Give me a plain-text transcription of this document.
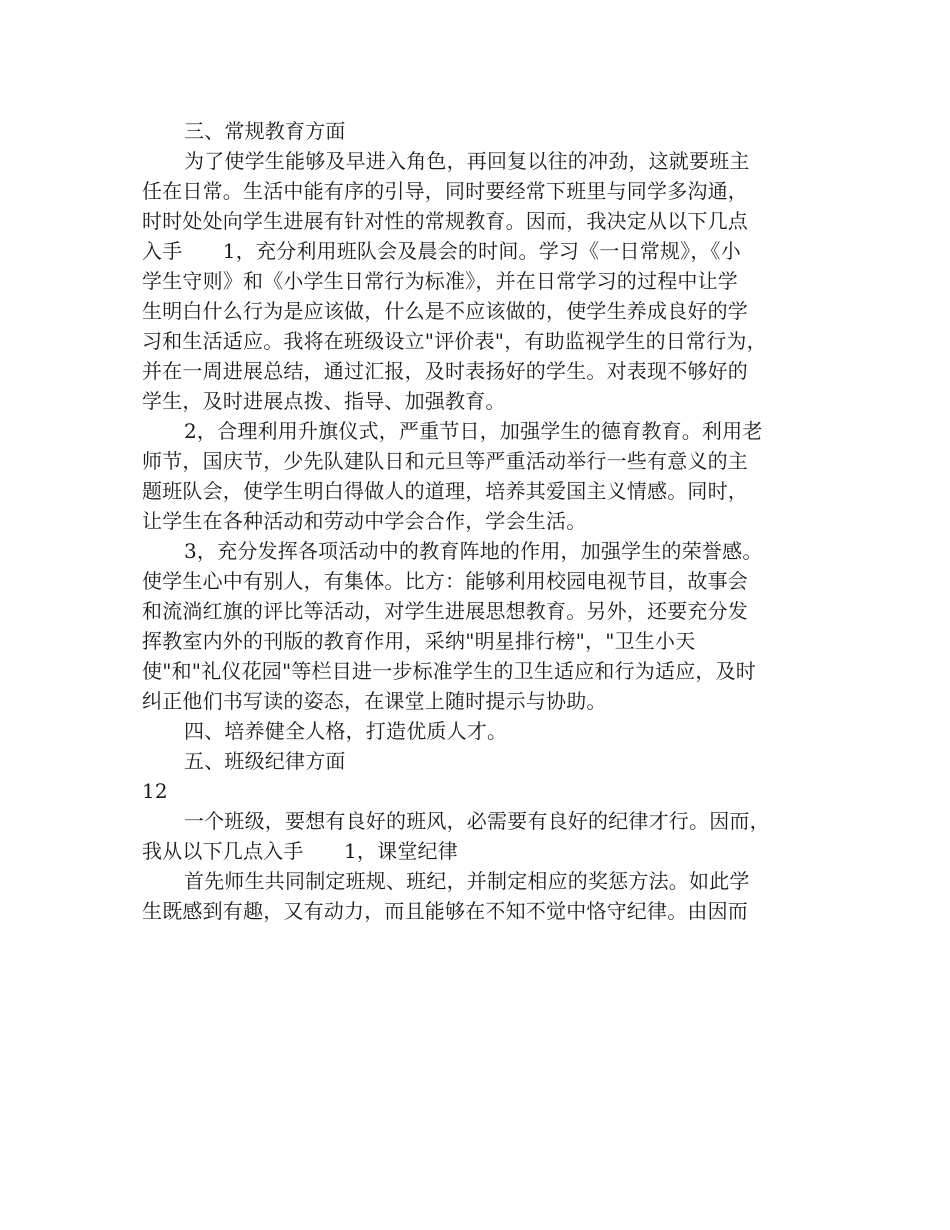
三、常规教育方面
为了使学生能够及早进入角色，再回复以往的冲劲，这就要班主
任在日常。生活中能有序的引导，同时要经常下班里与同学多沟通，
时时处处向学生进展有针对性的常规教育。因而，我决定从以下几点
入手　　1，充分利用班队会及晨会的时间。学习《一日常规》，《小
学生守则》和《小学生日常行为标准》，并在日常学习的过程中让学
生明白什么行为是应该做，什么是不应该做的，使学生养成良好的学
习和生活适应。我将在班级设立"评价表"，有助监视学生的日常行为，
并在一周进展总结，通过汇报，及时表扬好的学生。对表现不够好的
学生，及时进展点拨、指导、加强教育。
2，合理利用升旗仪式，严重节日，加强学生的德育教育。利用老
师节，国庆节，少先队建队日和元旦等严重活动举行一些有意义的主
题班队会，使学生明白得做人的道理，培养其爱国主义情感。同时，
让学生在各种活动和劳动中学会合作，学会生活。
3，充分发挥各项活动中的教育阵地的作用，加强学生的荣誉感。
使学生心中有别人，有集体。比方：能够利用校园电视节目，故事会
和流淌红旗的评比等活动，对学生进展思想教育。另外，还要充分发
挥教室内外的刊版的教育作用，采纳"明星排行榜"，"卫生小天
使"和"礼仪花园"等栏目进一步标准学生的卫生适应和行为适应，及时
纠正他们书写读的姿态，在课堂上随时提示与协助。
四、培养健全人格，打造优质人才。
五、班级纪律方面
12
一个班级，要想有良好的班风，必需要有良好的纪律才行。因而，
我从以下几点入手　　1，课堂纪律
首先师生共同制定班规、班纪，并制定相应的奖惩方法。如此学
生既感到有趣，又有动力，而且能够在不知不觉中恪守纪律。由因而
